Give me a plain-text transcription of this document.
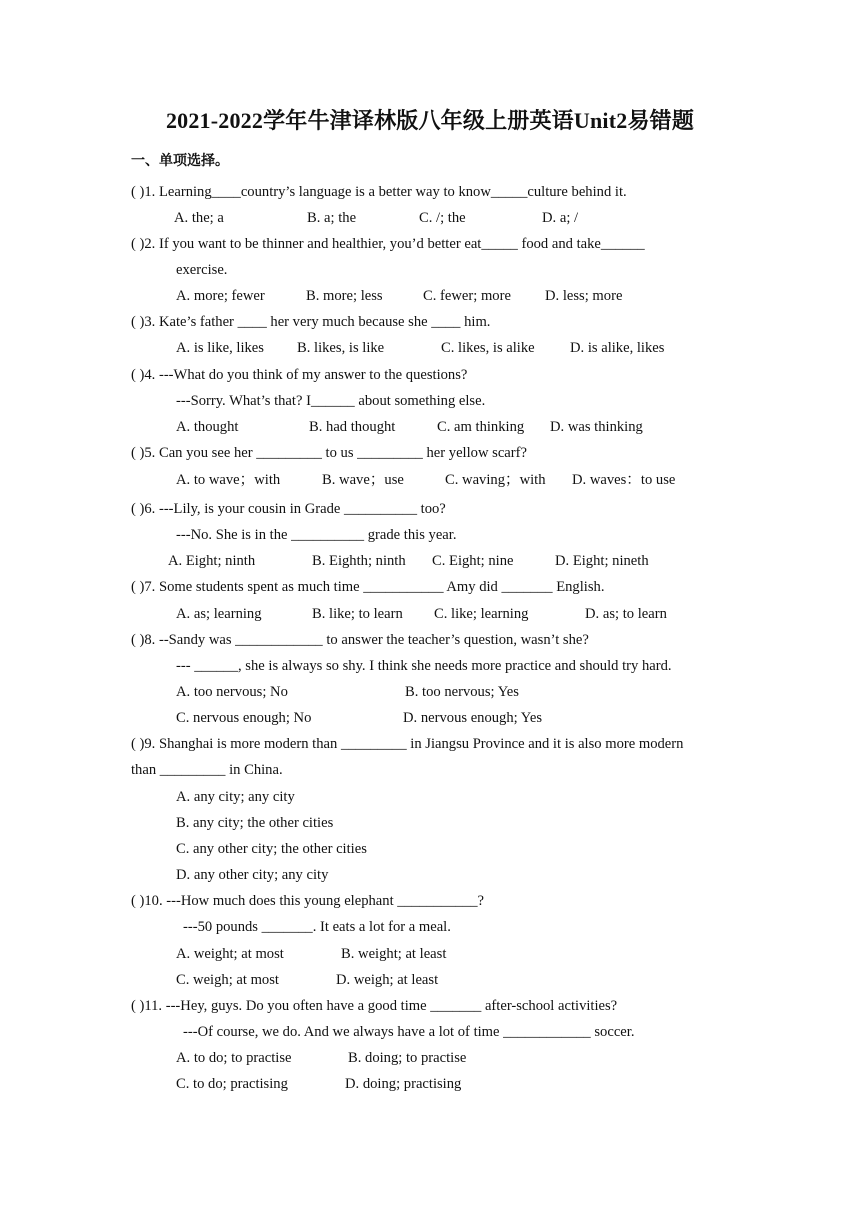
2021-2022学年牛津译林版八年级上册英语Unit2易错题
一、单项选择。
( )1. Learning____country’s language is a better way to know_____culture behind it.
A. the; a	B. a; the	C. /; the	D. a; /
( )2. If you want to be thinner and healthier, you’d better eat_____ food and take______
exercise.
A. more; fewer	B. more; less	C. fewer; more D. less; more
( )3. Kate’s father ____ her very much because she ____ him.
A. is like, likes B. likes, is like	C. likes, is alike D. is alike, likes
( )4. ---What do you think of my answer to the questions?
---Sorry. What’s that? I______ about something else.
A. thought	B. had thought	C. am thinking D. was thinking
( )5. Can you see her _________ to us _________ her yellow scarf?
A. to wave；with	B. wave；use	C. waving；with D. waves：to use
( )6. ---Lily, is your cousin in Grade __________ too?
---No. She is in the __________ grade this year.
A. Eight; ninth	B. Eighth; ninth C. Eight; nine	D. Eight; nineth
( )7. Some students spent as much time ___________ Amy did _______ English.
A. as; learning	B. like; to learn C. like; learning	D. as; to learn
( )8. --Sandy was ____________ to answer the teacher’s question, wasn’t she?
--- ______, she is always so shy. I think she needs more practice and should try hard.
A. too nervous; No	B. too nervous; Yes
C. nervous enough; No	D. nervous enough; Yes
( )9. Shanghai is more modern than _________ in Jiangsu Province and it is also more modern
than _________ in China.
A. any city; any city
B. any city; the other cities
C. any other city; the other cities
D. any other city; any city
( )10. ---How much does this young elephant ___________?
---50 pounds _______. It eats a lot for a meal.
A. weight; at most	B. weight; at least
C. weigh; at most	D. weigh; at least
( )11. ---Hey, guys. Do you often have a good time _______ after-school activities?
---Of course, we do. And we always have a lot of time ____________ soccer.
A. to do; to practise	B. doing; to practise
C. to do; practising	D. doing; practising
